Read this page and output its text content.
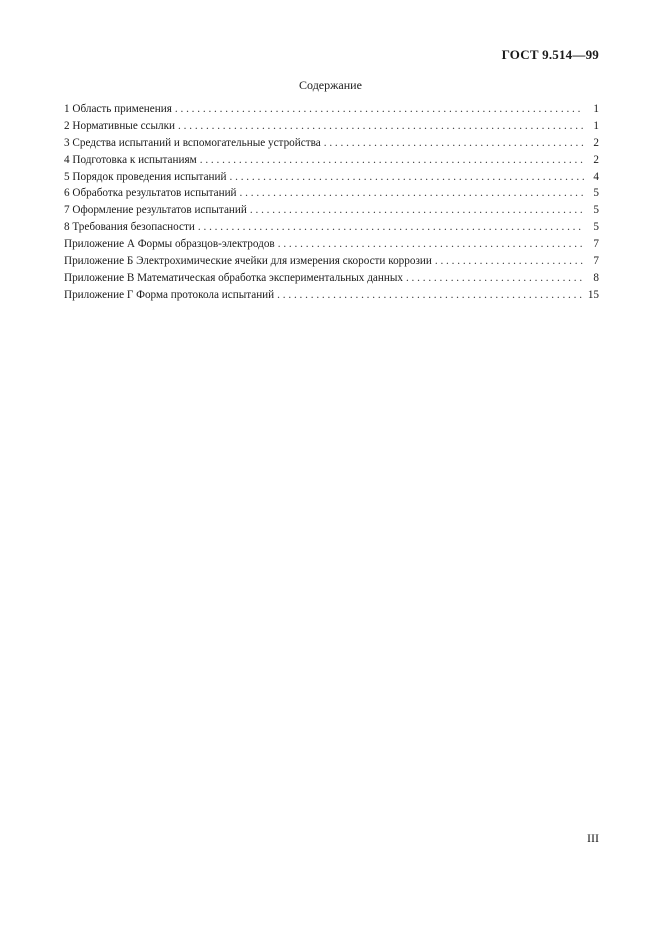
ГОСТ 9.514—99
Содержание
1 Область применения . . .	1
2 Нормативные ссылки . . .	1
3 Средства испытаний и вспомогательные устройства . . .	2
4 Подготовка к испытаниям . . .	2
5 Порядок проведения испытаний . . .	4
6 Обработка результатов испытаний . . .	5
7 Оформление результатов испытаний . . .	5
8 Требования безопасности . . .	5
Приложение А Формы образцов-электродов . . .	7
Приложение Б Электрохимические ячейки для измерения скорости коррозии . . .	7
Приложение В Математическая обработка экспериментальных данных . . .	8
Приложение Г Форма протокола испытаний . . .	15
III
